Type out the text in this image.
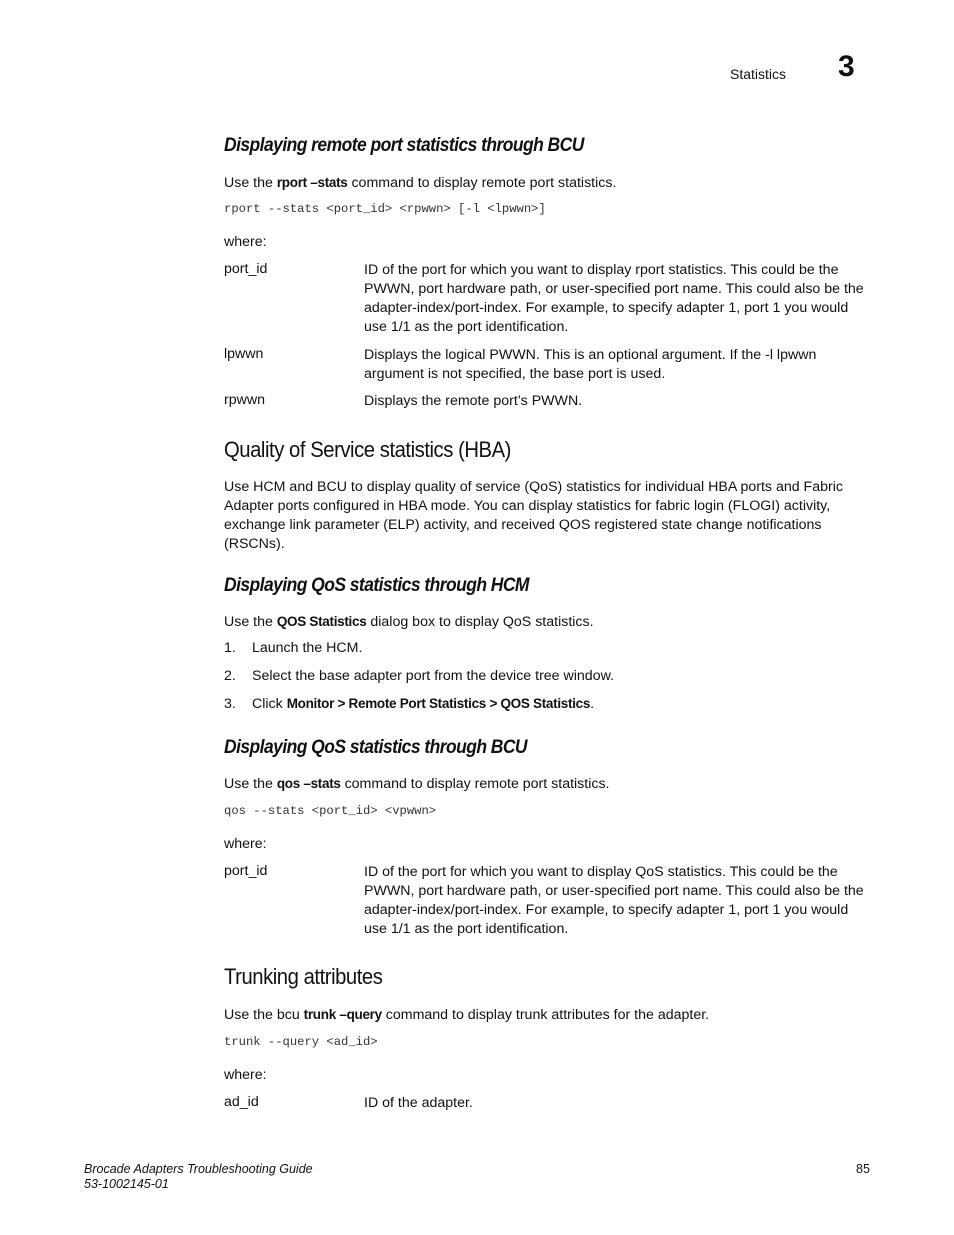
Statistics 3
Displaying remote port statistics through BCU
Use the rport –stats command to display remote port statistics.
rport --stats <port_id> <rpwwn> [-l <lpwwn>]
where:
port_id	ID of the port for which you want to display rport statistics. This could be the PWWN, port hardware path, or user-specified port name. This could also be the adapter-index/port-index. For example, to specify adapter 1, port 1 you would use 1/1 as the port identification.
lpwwn	Displays the logical PWWN. This is an optional argument. If the -l lpwwn argument is not specified, the base port is used.
rpwwn	Displays the remote port’s PWWN.
Quality of Service statistics (HBA)
Use HCM and BCU to display quality of service (QoS) statistics for individual HBA ports and Fabric Adapter ports configured in HBA mode. You can display statistics for fabric login (FLOGI) activity, exchange link parameter (ELP) activity, and received QOS registered state change notifications (RSCNs).
Displaying QoS statistics through HCM
Use the QOS Statistics dialog box to display QoS statistics.
1. Launch the HCM.
2. Select the base adapter port from the device tree window.
3. Click Monitor > Remote Port Statistics > QOS Statistics.
Displaying QoS statistics through BCU
Use the qos –stats command to display remote port statistics.
qos --stats <port_id> <vpwwn>
where:
port_id	ID of the port for which you want to display QoS statistics. This could be the PWWN, port hardware path, or user-specified port name. This could also be the adapter-index/port-index. For example, to specify adapter 1, port 1 you would use 1/1 as the port identification.
Trunking attributes
Use the bcu trunk –query command to display trunk attributes for the adapter.
trunk --query <ad_id>
where:
ad_id	ID of the adapter.
Brocade Adapters Troubleshooting Guide
53-1002145-01
85
